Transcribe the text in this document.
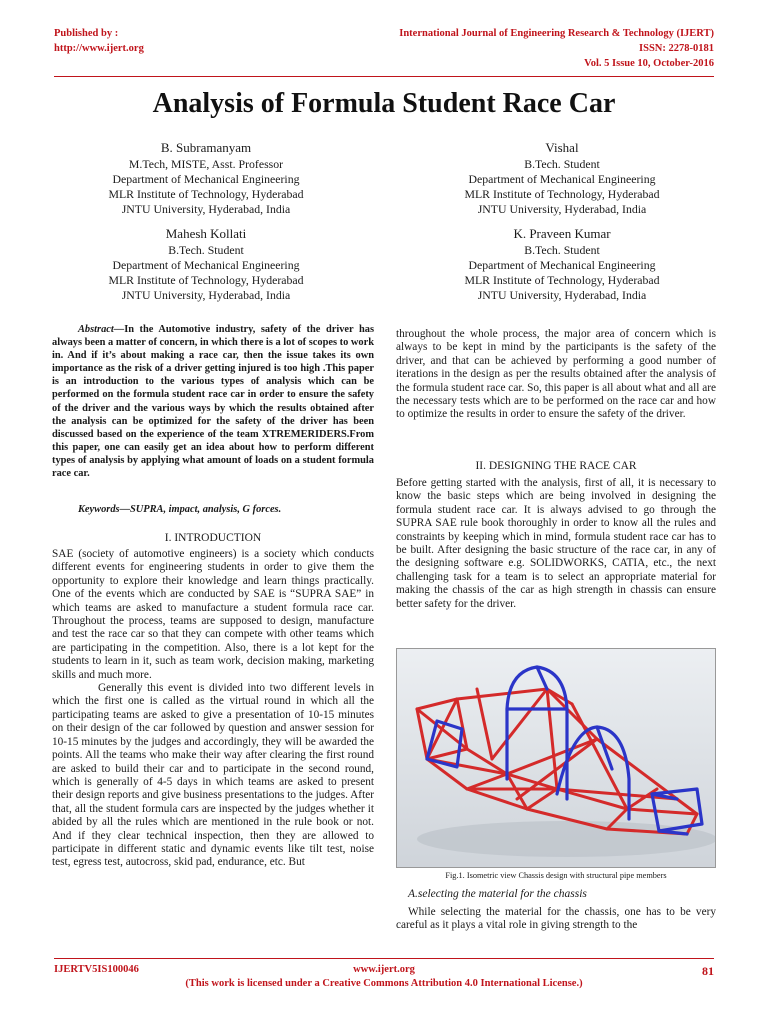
Published by :
http://www.ijert.org
International Journal of Engineering Research & Technology (IJERT)
ISSN: 2278-0181
Vol. 5 Issue 10, October-2016
Analysis of Formula Student Race Car
B. Subramanyam
M.Tech, MISTE, Asst. Professor
Department of Mechanical Engineering
MLR Institute of Technology, Hyderabad
JNTU University, Hyderabad, India
Vishal
B.Tech. Student
Department of Mechanical Engineering
MLR Institute of Technology, Hyderabad
JNTU University, Hyderabad, India
Mahesh Kollati
B.Tech. Student
Department of Mechanical Engineering
MLR Institute of Technology, Hyderabad
JNTU University, Hyderabad, India
K. Praveen Kumar
B.Tech. Student
Department of Mechanical Engineering
MLR Institute of Technology, Hyderabad
JNTU University, Hyderabad, India
Abstract—In the Automotive industry, safety of the driver has always been a matter of concern, in which there is a lot of scopes to work in. And if it’s about making a race car, then the issue takes its own importance as the risk of a driver getting injured is too high .This paper is an introduction to the various types of analysis which can be performed on the formula student race car in order to ensure the safety of the driver and the various ways by which the results obtained after the analysis can be optimized for the safety of the driver has been discussed based on the experience of the team XTREMERIDERS.From this paper, one can easily get an idea about how to perform different types of analysis by applying what amount of loads on a student formula race car.
Keywords—SUPRA, impact, analysis, G forces.
I. INTRODUCTION

SAE (society of automotive engineers) is a society which conducts different events for engineering students in order to give them the opportunity to explore their knowledge and learn things practically. One of the events which are conducted by SAE is “SUPRA SAE” in which teams are asked to manufacture a student formula race car. Throughout the process, teams are supposed to design, manufacture and test the race car so that they can compete with other teams which are participating in the competition. Also, there is a lot kept for the students to learn in it, such as team work, decision making, marketing skills and much more.

Generally this event is divided into two different levels in which the first one is called as the virtual round in which all the participating teams are asked to give a presentation of 10-15 minutes on their design of the car followed by question and answer session for 10-15 minutes by the judges and accordingly, they will be awarded the points. All the teams who make their way after clearing the first round are asked to build their car and to participate in the second round, which is generally of 4-5 days in which teams are asked to present their design reports and give business presentations to the judges. After that, all the student formula cars are inspected by the judges whether it abided by all the rules which are mentioned in the rule book or not. And if they clear technical inspection, then they are allowed to participate in different static and dynamic events like tilt test, noise test, egress test, autocross, skid pad, endurance, etc. But

throughout the whole process, the major area of concern which is always to be kept in mind by the participants is the safety of the driver, and that can be achieved by performing a good number of iterations in the design as per the results obtained after the analysis of the formula student race car. So, this paper is all about what and all are the necessary tests which are to be performed on the race car and how to optimize the results in order to ensure the safety of the driver.
II. DESIGNING THE RACE CAR
Before getting started with the analysis, first of all, it is necessary to know the basic steps which are being involved in designing the formula student race car. It is always advised to go through the SUPRA SAE rule book thoroughly in order to know all the rules and constraints by keeping which in mind, formula student race car has to be built. After designing the basic structure of the race car, in any of the designing software e.g. SOLIDWORKS, CATIA, etc., the next challenging task for a team is to select an appropriate material for making the chassis of the car as high strength in chassis can ensure better safety for the driver.
Fig.1. Isometric view Chassis design with structural pipe members
A.selecting the material for the chassis
While selecting the material for the chassis, one has to be very careful as it plays a vital role in giving strength to the
IJERTV5IS100046	www.ijert.org	81
(This work is licensed under a Creative Commons Attribution 4.0 International License.)
